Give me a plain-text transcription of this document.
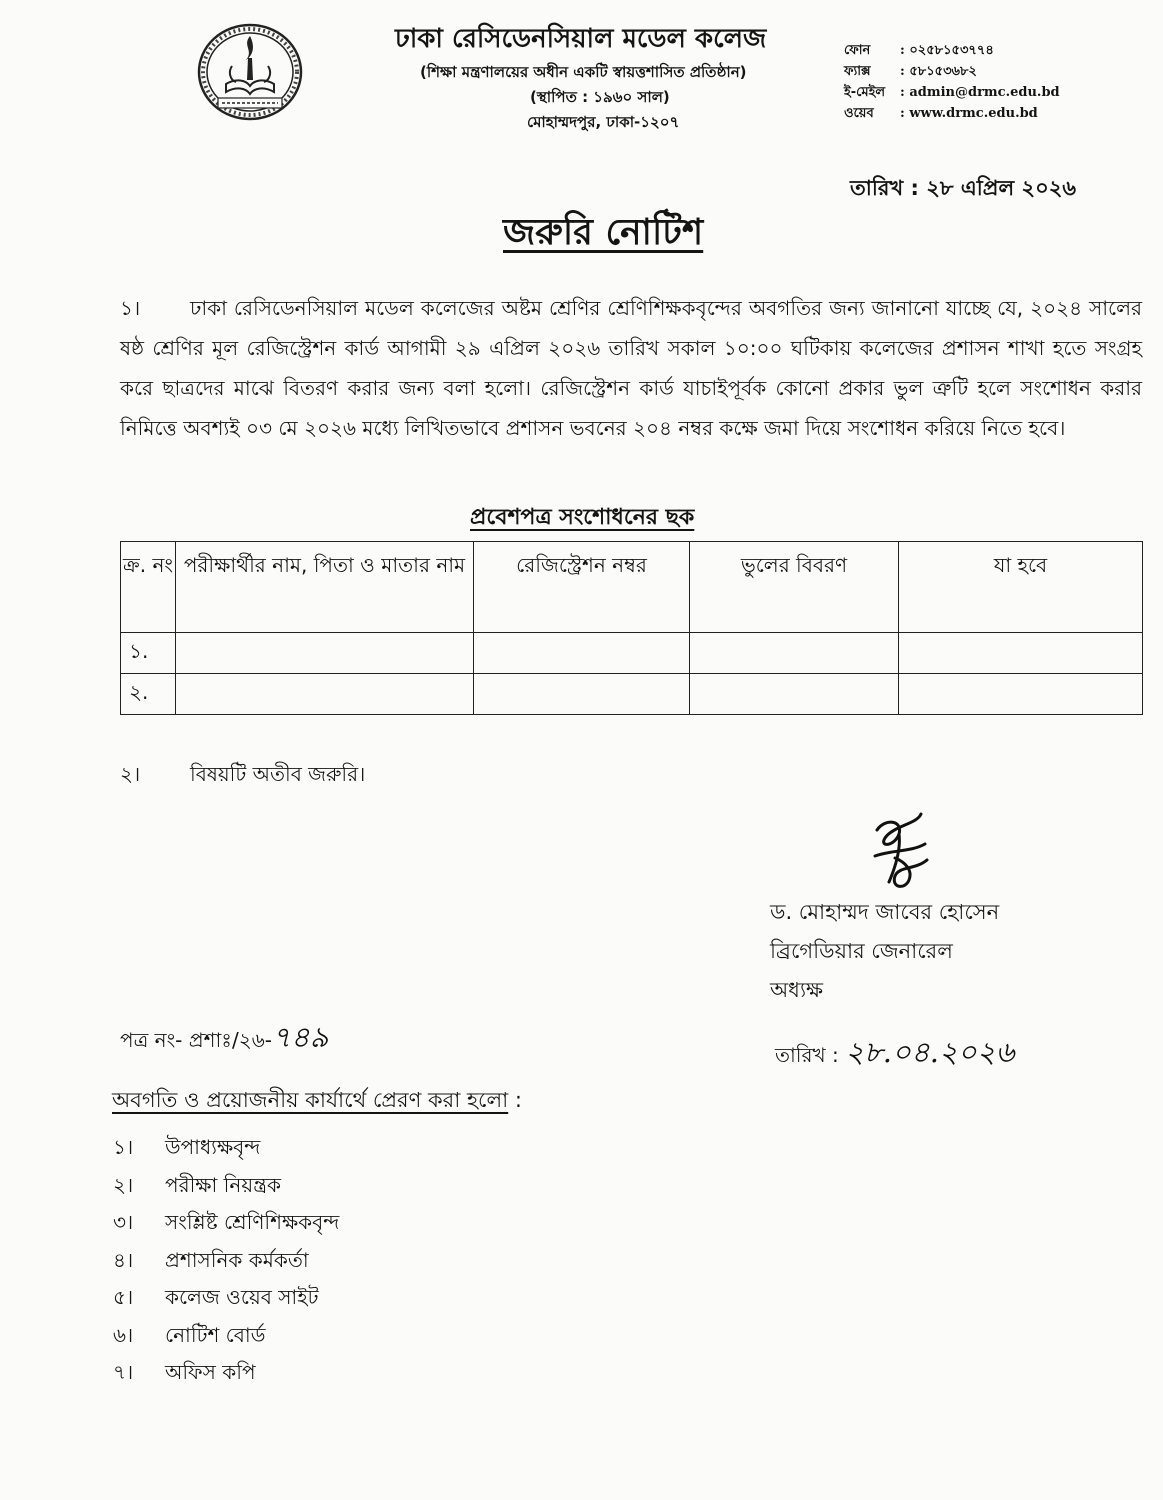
ঢাকা রেসিডেনসিয়াল মডেল কলেজ
(শিক্ষা মন্ত্রণালয়ের অধীন একটি স্বায়ত্তশাসিত প্রতিষ্ঠান)
(স্থাপিত : ১৯৬০ সাল)
মোহাম্মদপুর, ঢাকা-১২০৭
ফোন	: ০২৫৮১৫৩৭৭৪
ফ্যাক্স	: ৫৮১৫৩৬৮২
ই-মেইল	: admin@drmc.edu.bd
ওয়েব	: www.drmc.edu.bd
তারিখ : ২৮ এপ্রিল ২০২৬
জরুরি নোটিশ
১। ঢাকা রেসিডেনসিয়াল মডেল কলেজের অষ্টম শ্রেণির শ্রেণিশিক্ষকবৃন্দের অবগতির জন্য জানানো যাচ্ছে যে, ২০২৪ সালের ষষ্ঠ শ্রেণির মূল রেজিস্ট্রেশন কার্ড আগামী ২৯ এপ্রিল ২০২৬ তারিখ সকাল ১০:০০ ঘটিকায় কলেজের প্রশাসন শাখা হতে সংগ্রহ করে ছাত্রদের মাঝে বিতরণ করার জন্য বলা হলো। রেজিস্ট্রেশন কার্ড যাচাইপূর্বক কোনো প্রকার ভুল ত্রুটি হলে সংশোধন করার নিমিত্তে অবশ্যই ০৩ মে ২০২৬ মধ্যে লিখিতভাবে প্রশাসন ভবনের ২০৪ নম্বর কক্ষে জমা দিয়ে সংশোধন করিয়ে নিতে হবে।
প্রবেশপত্র সংশোধনের ছক
ক্র. নং	পরীক্ষার্থীর নাম, পিতা ও মাতার নাম	রেজিস্ট্রেশন নম্বর	ভুলের বিবরণ	যা হবে
১.				
২.				
২। বিষয়টি অতীব জরুরি।
ড. মোহাম্মদ জাবের হোসেন
ব্রিগেডিয়ার জেনারেল
অধ্যক্ষ
পত্র নং- প্রশাঃ/২৬-৭৪৯
তারিখ : ২৮.০৪.২০২৬
অবগতি ও প্রয়োজনীয় কার্যার্থে প্রেরণ করা হলো :
১।	উপাধ্যক্ষবৃন্দ
২।	পরীক্ষা নিয়ন্ত্রক
৩।	সংশ্লিষ্ট শ্রেণিশিক্ষকবৃন্দ
৪।	প্রশাসনিক কর্মকর্তা
৫।	কলেজ ওয়েব সাইট
৬।	নোটিশ বোর্ড
৭।	অফিস কপি
